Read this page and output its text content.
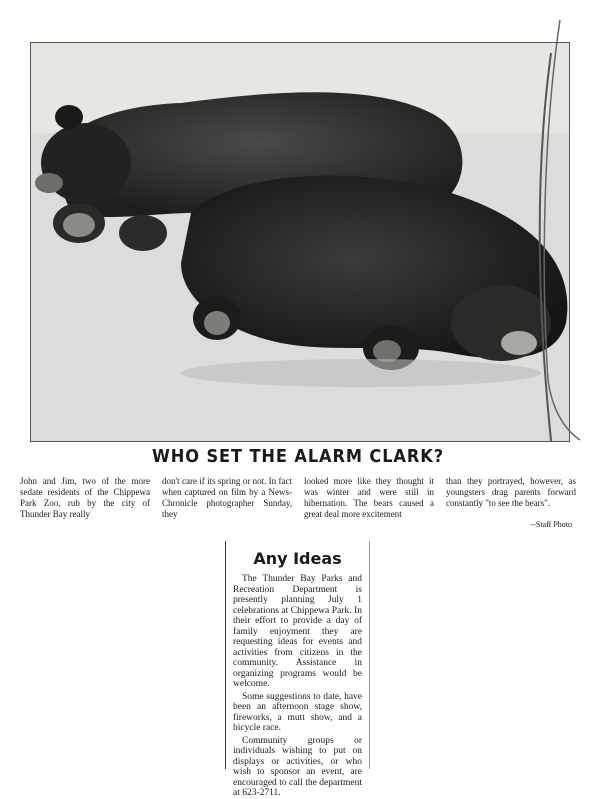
WHO SET THE ALARM CLARK?
John and Jim, two of the more sedate residents of the Chippewa Park Zoo, rub by the city of Thunder Bay really
don't care if its spring or not. In fact when captured on film by a News-Chronicle photographer Sunday, they
looked more like they thought it was winter and were still in hibernation. The bears caused a great deal more excitement
than they portrayed, however, as youngsters drag parents forward constantly "to see the bears".
--Staff Photo
Any Ideas

The Thunder Bay Parks and Recreation Department is presently planning July 1 celebrations at Chippewa Park. In their effort to provide a day of family enjoyment they are requesting ideas for events and activities from citizens in the community. Assistance in organizing programs would be welcome.

Some suggestions to date, have been an afternoon stage show, fireworks, a mutt show, and a bicycle race.

Community groups or individuals wishing to put on displays or activities, or who wish to sponsor an event, are encouraged to call the department at 623-2711.
